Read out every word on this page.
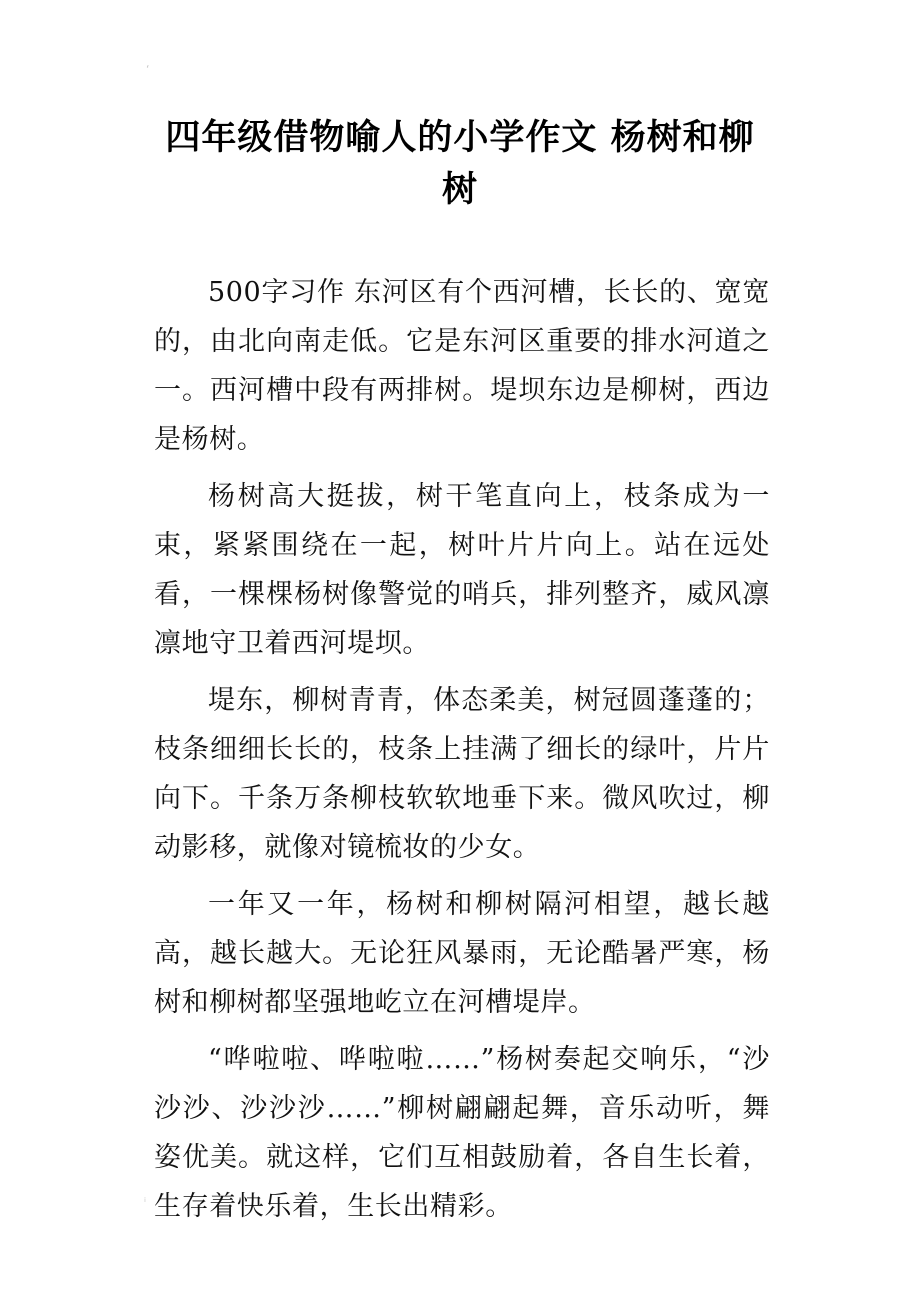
‘
四年级借物喻人的小学作文 杨树和柳树

500字习作 东河区有个西河槽，长长的、宽宽的，由北向南走低。它是东河区重要的排水河道之一。西河槽中段有两排树。堤坝东边是柳树，西边是杨树。

杨树高大挺拔，树干笔直向上，枝条成为一束，紧紧围绕在一起，树叶片片向上。站在远处看，一棵棵杨树像警觉的哨兵，排列整齐，威风凛凛地守卫着西河堤坝。

堤东，柳树青青，体态柔美，树冠圆蓬蓬的；枝条细细长长的，枝条上挂满了细长的绿叶，片片向下。千条万条柳枝软软地垂下来。微风吹过，柳动影移，就像对镜梳妆的少女。

一年又一年，杨树和柳树隔河相望，越长越高，越长越大。无论狂风暴雨，无论酷暑严寒，杨树和柳树都坚强地屹立在河槽堤岸。

“哗啦啦、哗啦啦……”杨树奏起交响乐，“沙沙沙、沙沙沙……”柳树翩翩起舞，音乐动听，舞姿优美。就这样，它们互相鼓励着，各自生长着，生存着快乐着，生长出精彩。

ᵢ
